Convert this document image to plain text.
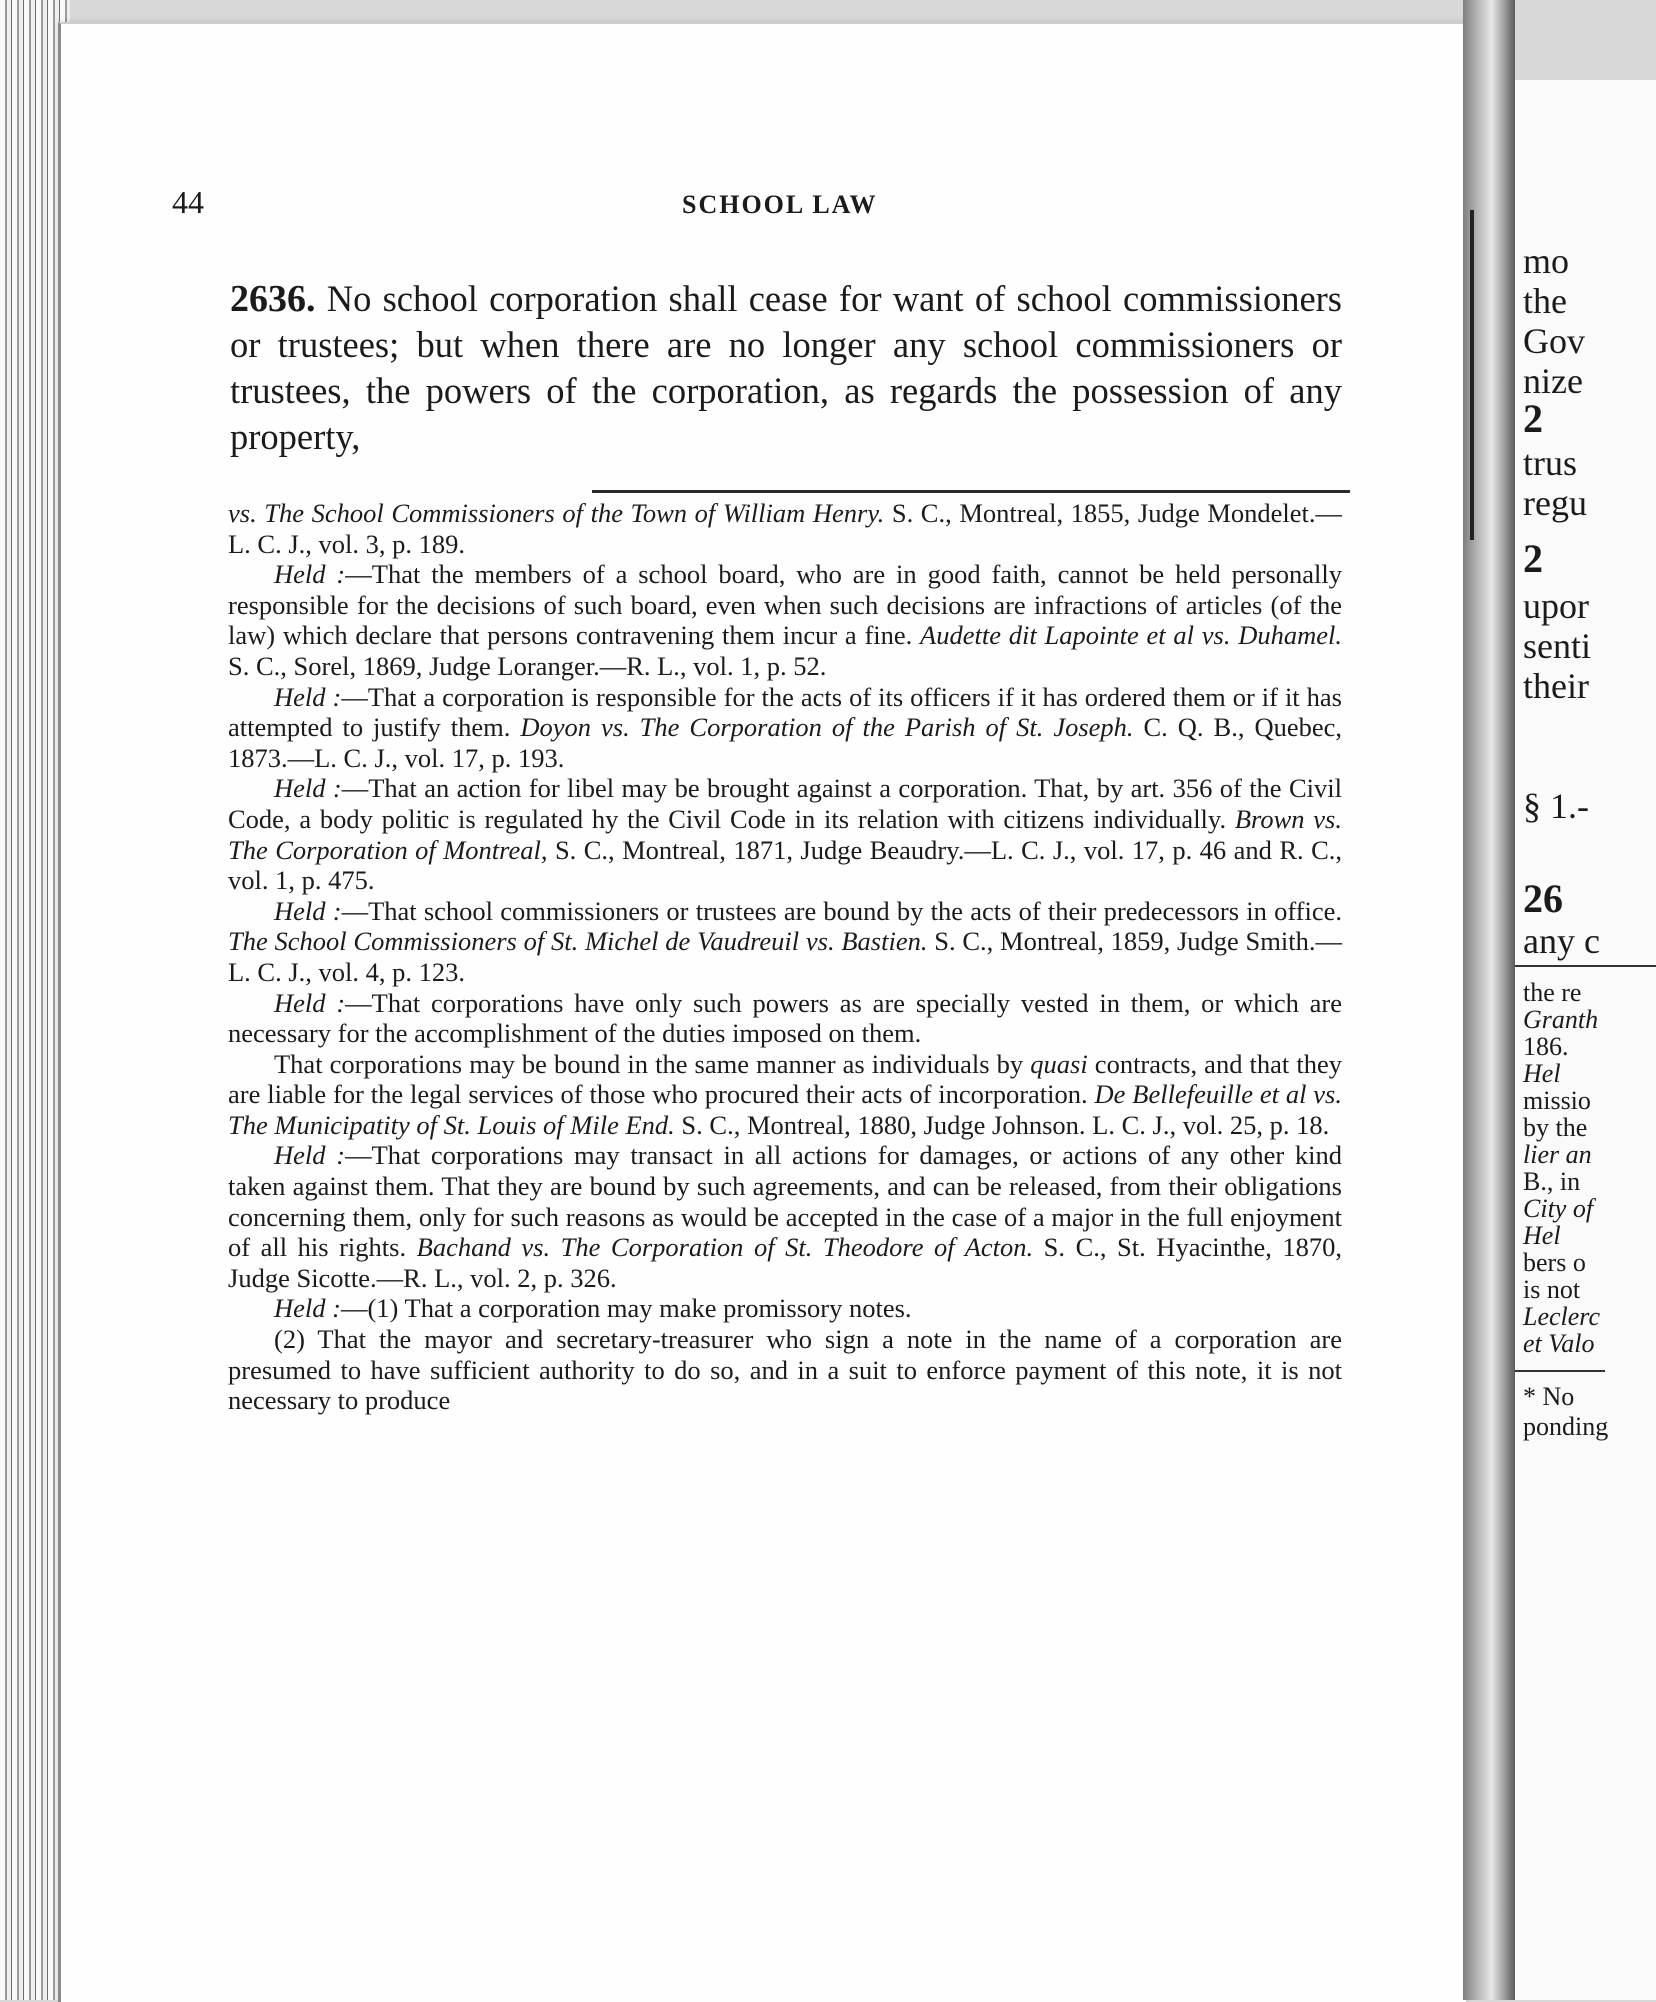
44	SCHOOL LAW

2636. No school corporation shall cease for want of school commissioners or trustees; but when there are no longer any school commissioners or trustees, the powers of the corporation, as regards the possession of any property,

vs. The School Commissioners of the Town of William Henry. S. C., Montreal, 1855, Judge Mondelet.—L. C. J., vol. 3, p. 189.

Held :—That the members of a school board, who are in good faith, cannot be held personally responsible for the decisions of such board, even when such decisions are infractions of articles (of the law) which declare that persons contravening them incur a fine. Audette dit Lapointe et al vs. Duhamel. S. C., Sorel, 1869, Judge Loranger.—R. L., vol. 1, p. 52.

Held :—That a corporation is responsible for the acts of its officers if it has ordered them or if it has attempted to justify them. Doyon vs. The Corporation of the Parish of St. Joseph. C. Q. B., Quebec, 1873.—L. C. J., vol. 17, p. 193.

Held :—That an action for libel may be brought against a corporation. That, by art. 356 of the Civil Code, a body politic is regulated hy the Civil Code in its relation with citizens individually. Brown vs. The Corporation of Montreal, S. C., Montreal, 1871, Judge Beaudry.—L. C. J., vol. 17, p. 46 and R. C., vol. 1, p. 475.

Held :—That school commissioners or trustees are bound by the acts of their predecessors in office. The School Commissioners of St. Michel de Vaudreuil vs. Bastien. S. C., Montreal, 1859, Judge Smith.—L. C. J., vol. 4, p. 123.

Held :—That corporations have only such powers as are specially vested in them, or which are necessary for the accomplishment of the duties imposed on them.

That corporations may be bound in the same manner as individuals by quasi contracts, and that they are liable for the legal services of those who procured their acts of incorporation. De Bellefeuille et al vs. The Municipatity of St. Louis of Mile End. S. C., Montreal, 1880, Judge Johnson. L. C. J., vol. 25, p. 18.

Held :—That corporations may transact in all actions for damages, or actions of any other kind taken against them. That they are bound by such agreements, and can be released, from their obligations concerning them, only for such reasons as would be accepted in the case of a major in the full enjoyment of all his rights. Bachand vs. The Corporation of St. Theodore of Acton. S. C., St. Hyacinthe, 1870, Judge Sicotte.—R. L., vol. 2, p. 326.

Held :—(1) That a corporation may make promissory notes.

(2) That the mayor and secretary-treasurer who sign a note in the name of a corporation are presumed to have sufficient authority to do so, and in a suit to enforce payment of this note, it is not necessary to produce

mo
the
Gov
nize
2
trus
regu
2
upor
senti
their
§ 1.-
26
any c
the re
Granth
186.
Hel
missio
by the
lier an
B., in
City of
Hel
bers o
is not
Leclerc
et Valo
* No
ponding
